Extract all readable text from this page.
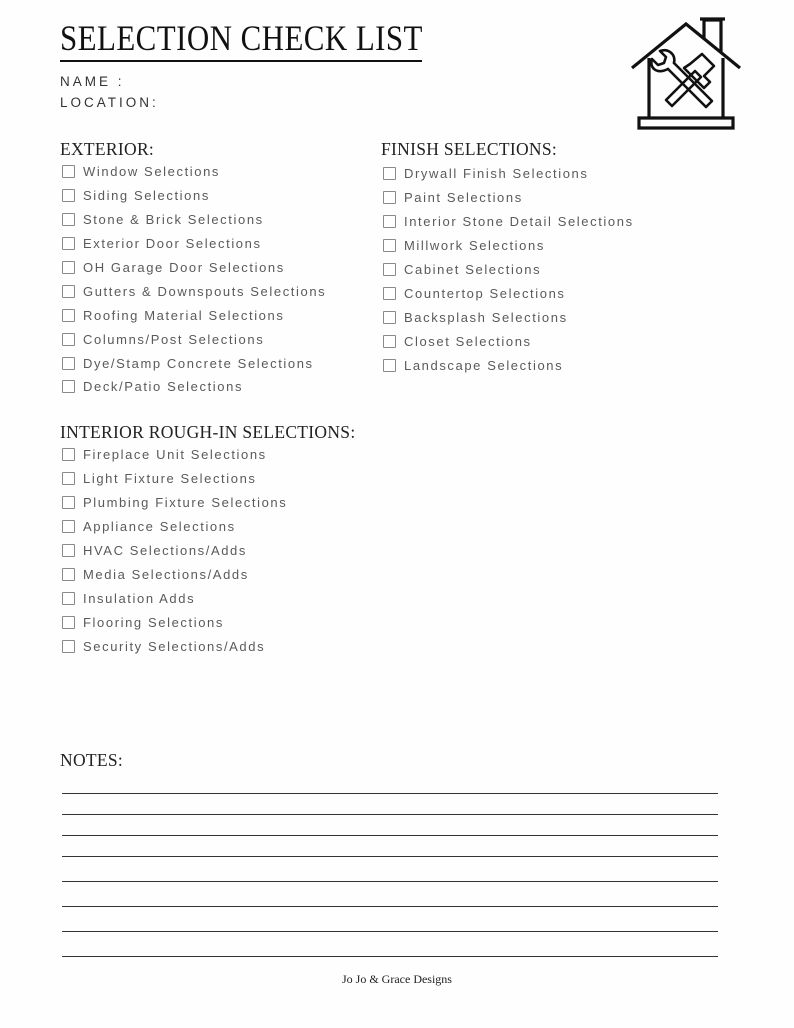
SELECTION CHECK LIST
NAME :
LOCATION:
EXTERIOR:
Window Selections
Siding Selections
Stone & Brick Selections
Exterior Door Selections
OH Garage Door Selections
Gutters & Downspouts Selections
Roofing Material Selections
Columns/Post Selections
Dye/Stamp Concrete Selections
Deck/Patio Selections
FINISH SELECTIONS:
Drywall Finish Selections
Paint Selections
Interior Stone Detail Selections
Millwork Selections
Cabinet Selections
Countertop Selections
Backsplash Selections
Closet Selections
Landscape Selections
INTERIOR ROUGH-IN SELECTIONS:
Fireplace Unit Selections
Light Fixture Selections
Plumbing Fixture Selections
Appliance Selections
HVAC Selections/Adds
Media Selections/Adds
Insulation Adds
Flooring Selections
Security Selections/Adds
NOTES:
Jo Jo & Grace Designs
